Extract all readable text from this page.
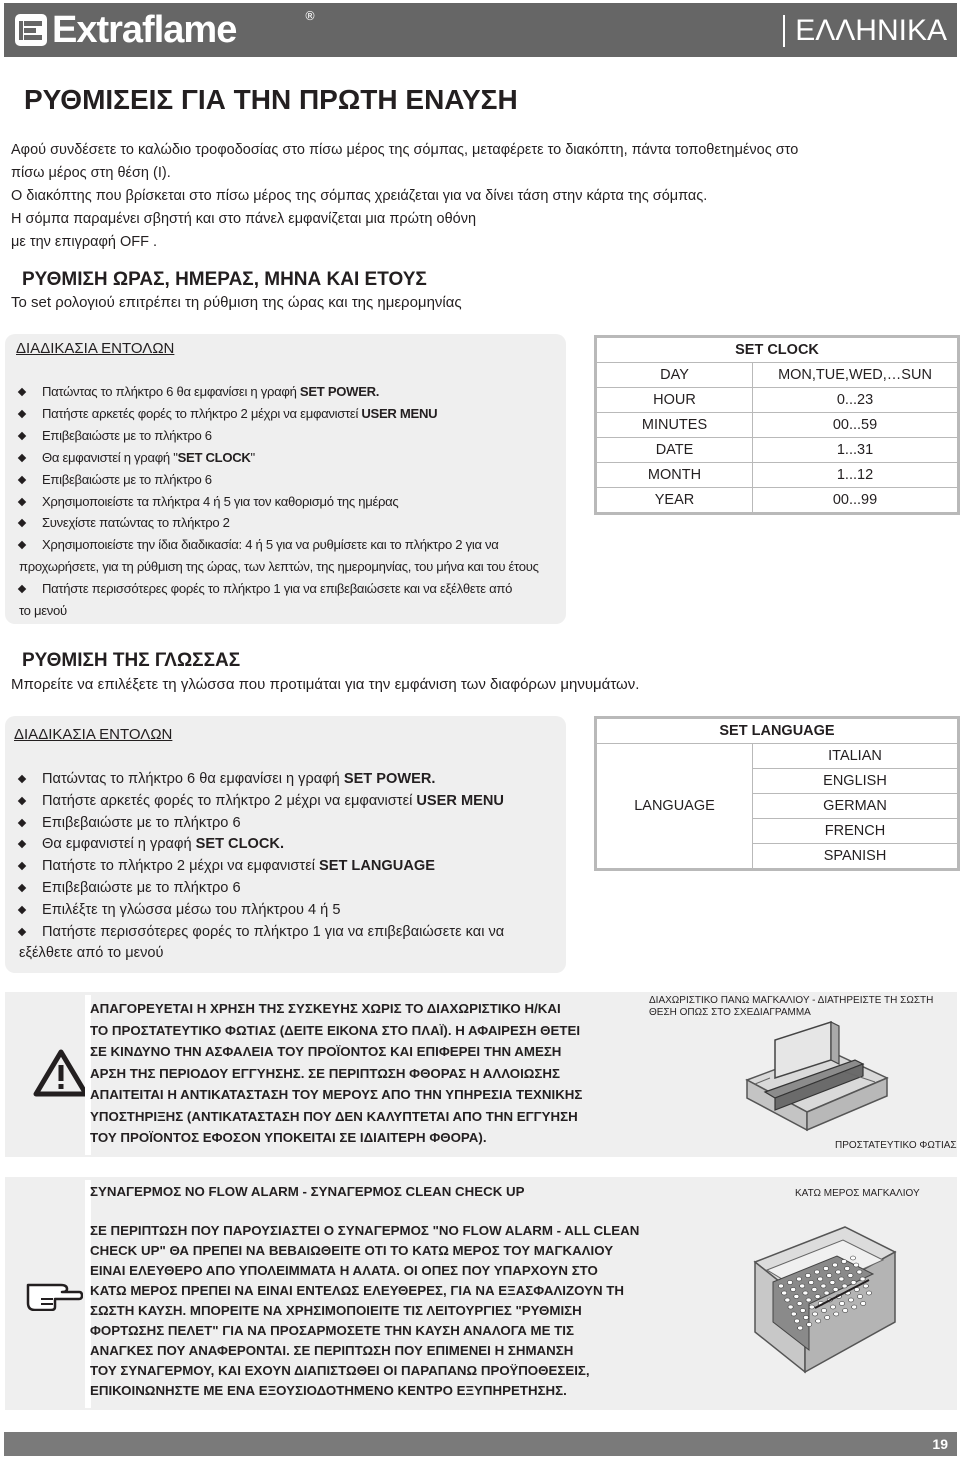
Extraflame	®	ΕΛΛΗΝΙΚΑ
ΡΥΘΜΙΣΕΙΣ ΓΙΑ ΤΗΝ ΠΡΩΤΗ ΕΝΑΥΣΗ

Αφού συνδέσετε το καλώδιο τροφοδοσίας στο πίσω μέρος της σόμπας, μεταφέρετε το διακόπτη, πάντα τοποθετημένος στο

πίσω μέρος στη θέση (I).

Ο διακόπτης που βρίσκεται στο πίσω μέρος της σόμπας χρειάζεται για να δίνει τάση στην κάρτα της σόμπας.

Η σόμπα παραμένει σβηστή και στο πάνελ εμφανίζεται μια πρώτη οθόνη

με την επιγραφή OFF .

ΡΥΘΜΙΣΗ ΩΡΑΣ, ΗΜΕΡΑΣ, ΜΗΝΑ ΚΑΙ ΕΤΟΥΣ
Το set ρολογιού επιτρέπει τη ρύθμιση της ώρας και της ημερομηνίας
ΔΙΑΔΙΚΑΣΙΑ ΕΝΤΟΛΩΝ
Πατώντας το πλήκτρο 6 θα εμφανίσει η γραφή SET POWER.
Πατήστε αρκετές φορές το πλήκτρο 2 μέχρι να εμφανιστεί USER MENU
Επιβεβαιώστε με το πλήκτρο 6
Θα εμφανιστεί η γραφή "SET CLOCK"
Επιβεβαιώστε με το πλήκτρο 6
Χρησιμοποιείστε τα πλήκτρα 4 ή 5 για τον καθορισμό της ημέρας
Συνεχίστε πατώντας το πλήκτρο 2
Χρησιμοποιείστε την ίδια διαδικασία: 4 ή 5 για να ρυθμίσετε και το πλήκτρο 2 για να
προχωρήσετε, για τη ρύθμιση της ώρας, των λεπτών, της ημερομηνίας, του μήνα και του έτους
Πατήστε περισσότερες φορές το πλήκτρο 1 για να επιβεβαιώσετε και να εξέλθετε από
το μενού
SET CLOCK	
DAY	MON,TUE,WED,…SUN
HOUR	0...23
MINUTES	00...59
DATE	1...31
MONTH	1...12
YEAR	00...99
ΡΥΘΜΙΣΗ ΤΗΣ ΓΛΩΣΣΑΣ
Μπορείτε να επιλέξετε τη γλώσσα που προτιμάται για την εμφάνιση των διαφόρων μηνυμάτων.
ΔΙΑΔΙΚΑΣΙΑ ΕΝΤΟΛΩΝ
Πατώντας το πλήκτρο 6 θα εμφανίσει η γραφή SET POWER.
Πατήστε αρκετές φορές το πλήκτρο 2 μέχρι να εμφανιστεί USER MENU
Επιβεβαιώστε με το πλήκτρο 6
Θα εμφανιστεί η γραφή SET CLOCK.
Πατήστε το πλήκτρο 2 μέχρι να εμφανιστεί SET LANGUAGE
Επιβεβαιώστε με το πλήκτρο 6
Επιλέξτε τη γλώσσα μέσω του πλήκτρου 4 ή 5
Πατήστε περισσότερες φορές το πλήκτρο 1 για να επιβεβαιώσετε και να
εξέλθετε από το μενού
SET LANGUAGE
LANGUAGE	ITALIAN
ENGLISH
GERMAN
FRENCH
SPANISH
ΑΠΑΓΟΡΕΥΕΤΑΙ Η ΧΡΗΣΗ ΤΗΣ ΣΥΣΚΕΥΗΣ ΧΩΡΙΣ ΤΟ ΔΙΑΧΩΡΙΣΤΙΚΟ Η/ΚΑΙ
ΤΟ ΠΡΟΣΤΑΤΕΥΤΙΚΟ ΦΩΤΙΑΣ (ΔΕΙΤΕ ΕΙΚΟΝΑ ΣΤΟ ΠΛΑΪ). Η ΑΦΑΙΡΕΣΗ ΘΕΤΕΙ
ΣΕ ΚΙΝΔΥΝΟ ΤΗΝ ΑΣΦΑΛΕΙΑ ΤΟΥ ΠΡΟΪΟΝΤΟΣ ΚΑΙ ΕΠΙΦΕΡΕΙ ΤΗΝ ΑΜΕΣΗ
ΑΡΣΗ ΤΗΣ ΠΕΡΙΟΔΟΥ ΕΓΓΥΗΣΗΣ. ΣΕ ΠΕΡΙΠΤΩΣΗ ΦΘΟΡΑΣ Η ΑΛΛΟΙΩΣΗΣ
ΑΠΑΙΤΕΙΤΑΙ Η ΑΝΤΙΚΑΤΑΣΤΑΣΗ ΤΟΥ ΜΕΡΟΥΣ ΑΠΟ ΤΗΝ ΥΠΗΡΕΣΙΑ ΤΕΧΝΙΚΗΣ
ΥΠΟΣΤΗΡΙΞΗΣ (ΑΝΤΙΚΑΤΑΣΤΑΣΗ ΠΟΥ ΔΕΝ ΚΑΛΥΠΤΕΤΑΙ ΑΠΟ ΤΗΝ ΕΓΓΥΗΣΗ
ΤΟΥ ΠΡΟΪΟΝΤΟΣ ΕΦΟΣΟΝ ΥΠΟΚΕΙΤΑΙ ΣΕ ΙΔΙΑΙΤΕΡΗ ΦΘΟΡΑ).
ΔΙΑΧΩΡΙΣΤΙΚΟ ΠΑΝΩ ΜΑΓΚΑΛΙΟΥ - ΔΙΑΤΗΡΕΙΣΤΕ ΤΗ ΣΩΣΤΗ ΘΕΣΗ ΟΠΩΣ ΣΤΟ ΣΧΕΔΙΑΓΡΑΜΜΑ
ΠΡΟΣΤΑΤΕΥΤΙΚΟ ΦΩΤΙΑΣ
ΣΥΝΑΓΕΡΜΟΣ NO FLOW ALARM - ΣΥΝΑΓΕΡΜΟΣ CLEAN CHECK UP
ΣΕ ΠΕΡΙΠΤΩΣΗ ΠΟΥ ΠΑΡΟΥΣΙΑΣΤΕΙ Ο ΣΥΝΑΓΕΡΜΟΣ "NO FLOW ALARM - ALL CLEAN
CHECK UP" ΘΑ ΠΡΕΠΕΙ ΝΑ ΒΕΒΑΙΩΘΕΙΤΕ ΟΤΙ ΤΟ ΚΑΤΩ ΜΕΡΟΣ ΤΟΥ ΜΑΓΚΑΛΙΟΥ
ΕΙΝΑΙ ΕΛΕΥΘΕΡΟ ΑΠΟ ΥΠΟΛΕΙΜΜΑΤΑ Η ΑΛΑΤΑ. ΟΙ ΟΠΕΣ ΠΟΥ ΥΠΑΡΧΟΥΝ ΣΤΟ
ΚΑΤΩ ΜΕΡΟΣ ΠΡΕΠΕΙ ΝΑ ΕΙΝΑΙ ΕΝΤΕΛΩΣ ΕΛΕΥΘΕΡΕΣ, ΓΙΑ ΝΑ ΕΞΑΣΦΑΛΙΖΟΥΝ ΤΗ
ΣΩΣΤΗ ΚΑΥΣΗ. ΜΠΟΡΕΙΤΕ ΝΑ ΧΡΗΣΙΜΟΠΟΙΕΙΤΕ ΤΙΣ ΛΕΙΤΟΥΡΓΙΕΣ "ΡΥΘΜΙΣΗ
ΦΟΡΤΩΣΗΣ ΠΕΛΕΤ" ΓΙΑ ΝΑ ΠΡΟΣΑΡΜΟΣΕΤΕ ΤΗΝ ΚΑΥΣΗ ΑΝΑΛΟΓΑ ΜΕ ΤΙΣ
ΑΝΑΓΚΕΣ ΠΟΥ ΑΝΑΦΕΡΟΝΤΑΙ. ΣΕ ΠΕΡΙΠΤΩΣΗ ΠΟΥ ΕΠΙΜΕΝΕΙ Η ΣΗΜΑΝΣΗ
ΤΟΥ ΣΥΝΑΓΕΡΜΟΥ, ΚΑΙ ΕΧΟΥΝ ΔΙΑΠΙΣΤΩΘΕΙ ΟΙ ΠΑΡΑΠΑΝΩ ΠΡΟΫΠΟΘΕΣΕΙΣ,
ΕΠΙΚΟΙΝΩΝΗΣΤΕ ΜΕ ΕΝΑ ΕΞΟΥΣΙΟΔΟΤΗΜΕΝΟ ΚΕΝΤΡΟ ΕΞΥΠΗΡΕΤΗΣΗΣ.
ΚΑΤΩ ΜΕΡΟΣ ΜΑΓΚΑΛΙΟΥ
19
